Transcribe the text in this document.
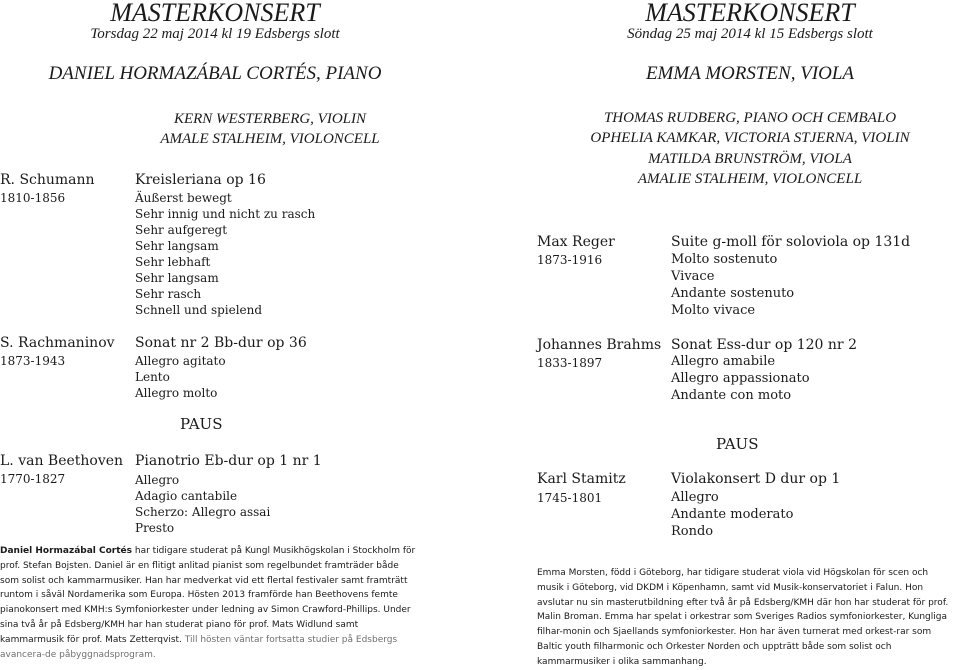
MASTERKONSERT
Torsdag 22 maj 2014 kl 19 Edsbergs slott
DANIEL HORMAZÁBAL CORTÉS, PIANO
KERN WESTERBERG, VIOLIN
AMALE STALHEIM, VIOLONCELL
R. Schumann
1810-1856
Kreisleriana op 16
Äußerst bewegt
Sehr innig und nicht zu rasch
Sehr aufgeregt
Sehr langsam
Sehr lebhaft
Sehr langsam
Sehr rasch
Schnell und spielend
S. Rachmaninov
1873-1943
Sonat nr 2 Bb-dur op 36
Allegro agitato
Lento
Allegro molto
PAUS
L. van Beethoven
1770-1827
Pianotrio Eb-dur op 1 nr 1
Allegro
Adagio cantabile
Scherzo: Allegro assai
Presto
Daniel Hormazábal Cortés har tidigare studerat på Kungl Musikhögskolan i Stockholm för prof. Stefan Bojsten. Daniel är en flitigt anlitad pianist som regelbundet framträder både som solist och kammarmusiker. Han har medverkat vid ett flertal festivaler samt framträtt runtom i såväl Nordamerika som Europa. Hösten 2013 framförde han Beethovens femte pianokonsert med KMH:s Symfoniorkester under ledning av Simon Crawford-Phillips. Under sina två år på Edsberg/KMH har han studerat piano för prof. Mats Widlund samt kammarmusik för prof. Mats Zetterqvist. Till hösten väntar fortsatta studier på Edsbergs avancera-de påbyggnadsprogram.
MASTERKONSERT
Söndag 25 maj 2014 kl 15 Edsbergs slott
EMMA MORSTEN, VIOLA
THOMAS RUDBERG, PIANO OCH CEMBALO
OPHELIA KAMKAR, VICTORIA STJERNA, VIOLIN
MATILDA BRUNSTRÖM, VIOLA
AMALIE STALHEIM, VIOLONCELL
Max Reger
1873-1916
Suite g-moll för soloviola op 131d
Molto sostenuto
Vivace
Andante sostenuto
Molto vivace
Johannes Brahms
1833-1897
Sonat Ess-dur op 120 nr 2
Allegro amabile
Allegro appassionato
Andante con moto
PAUS
Karl Stamitz
1745-1801
Violakonsert D dur op 1
Allegro
Andante moderato
Rondo
Emma Morsten, född i Göteborg, har tidigare studerat viola vid Högskolan för scen och musik i Göteborg, vid DKDM i Köpenhamn, samt vid Musik-konservatoriet i Falun. Hon avslutar nu sin masterutbildning efter två år på Edsberg/KMH där hon har studerat för prof. Malin Broman. Emma har spelat i orkestrar som Sveriges Radios symfoniorkester, Kungliga filhar-monin och Sjaellands symfoniorkester. Hon har även turnerat med orkest-rar som Baltic youth filharmonic och Orkester Norden och uppträtt både som solist och kammarmusiker i olika sammanhang.
